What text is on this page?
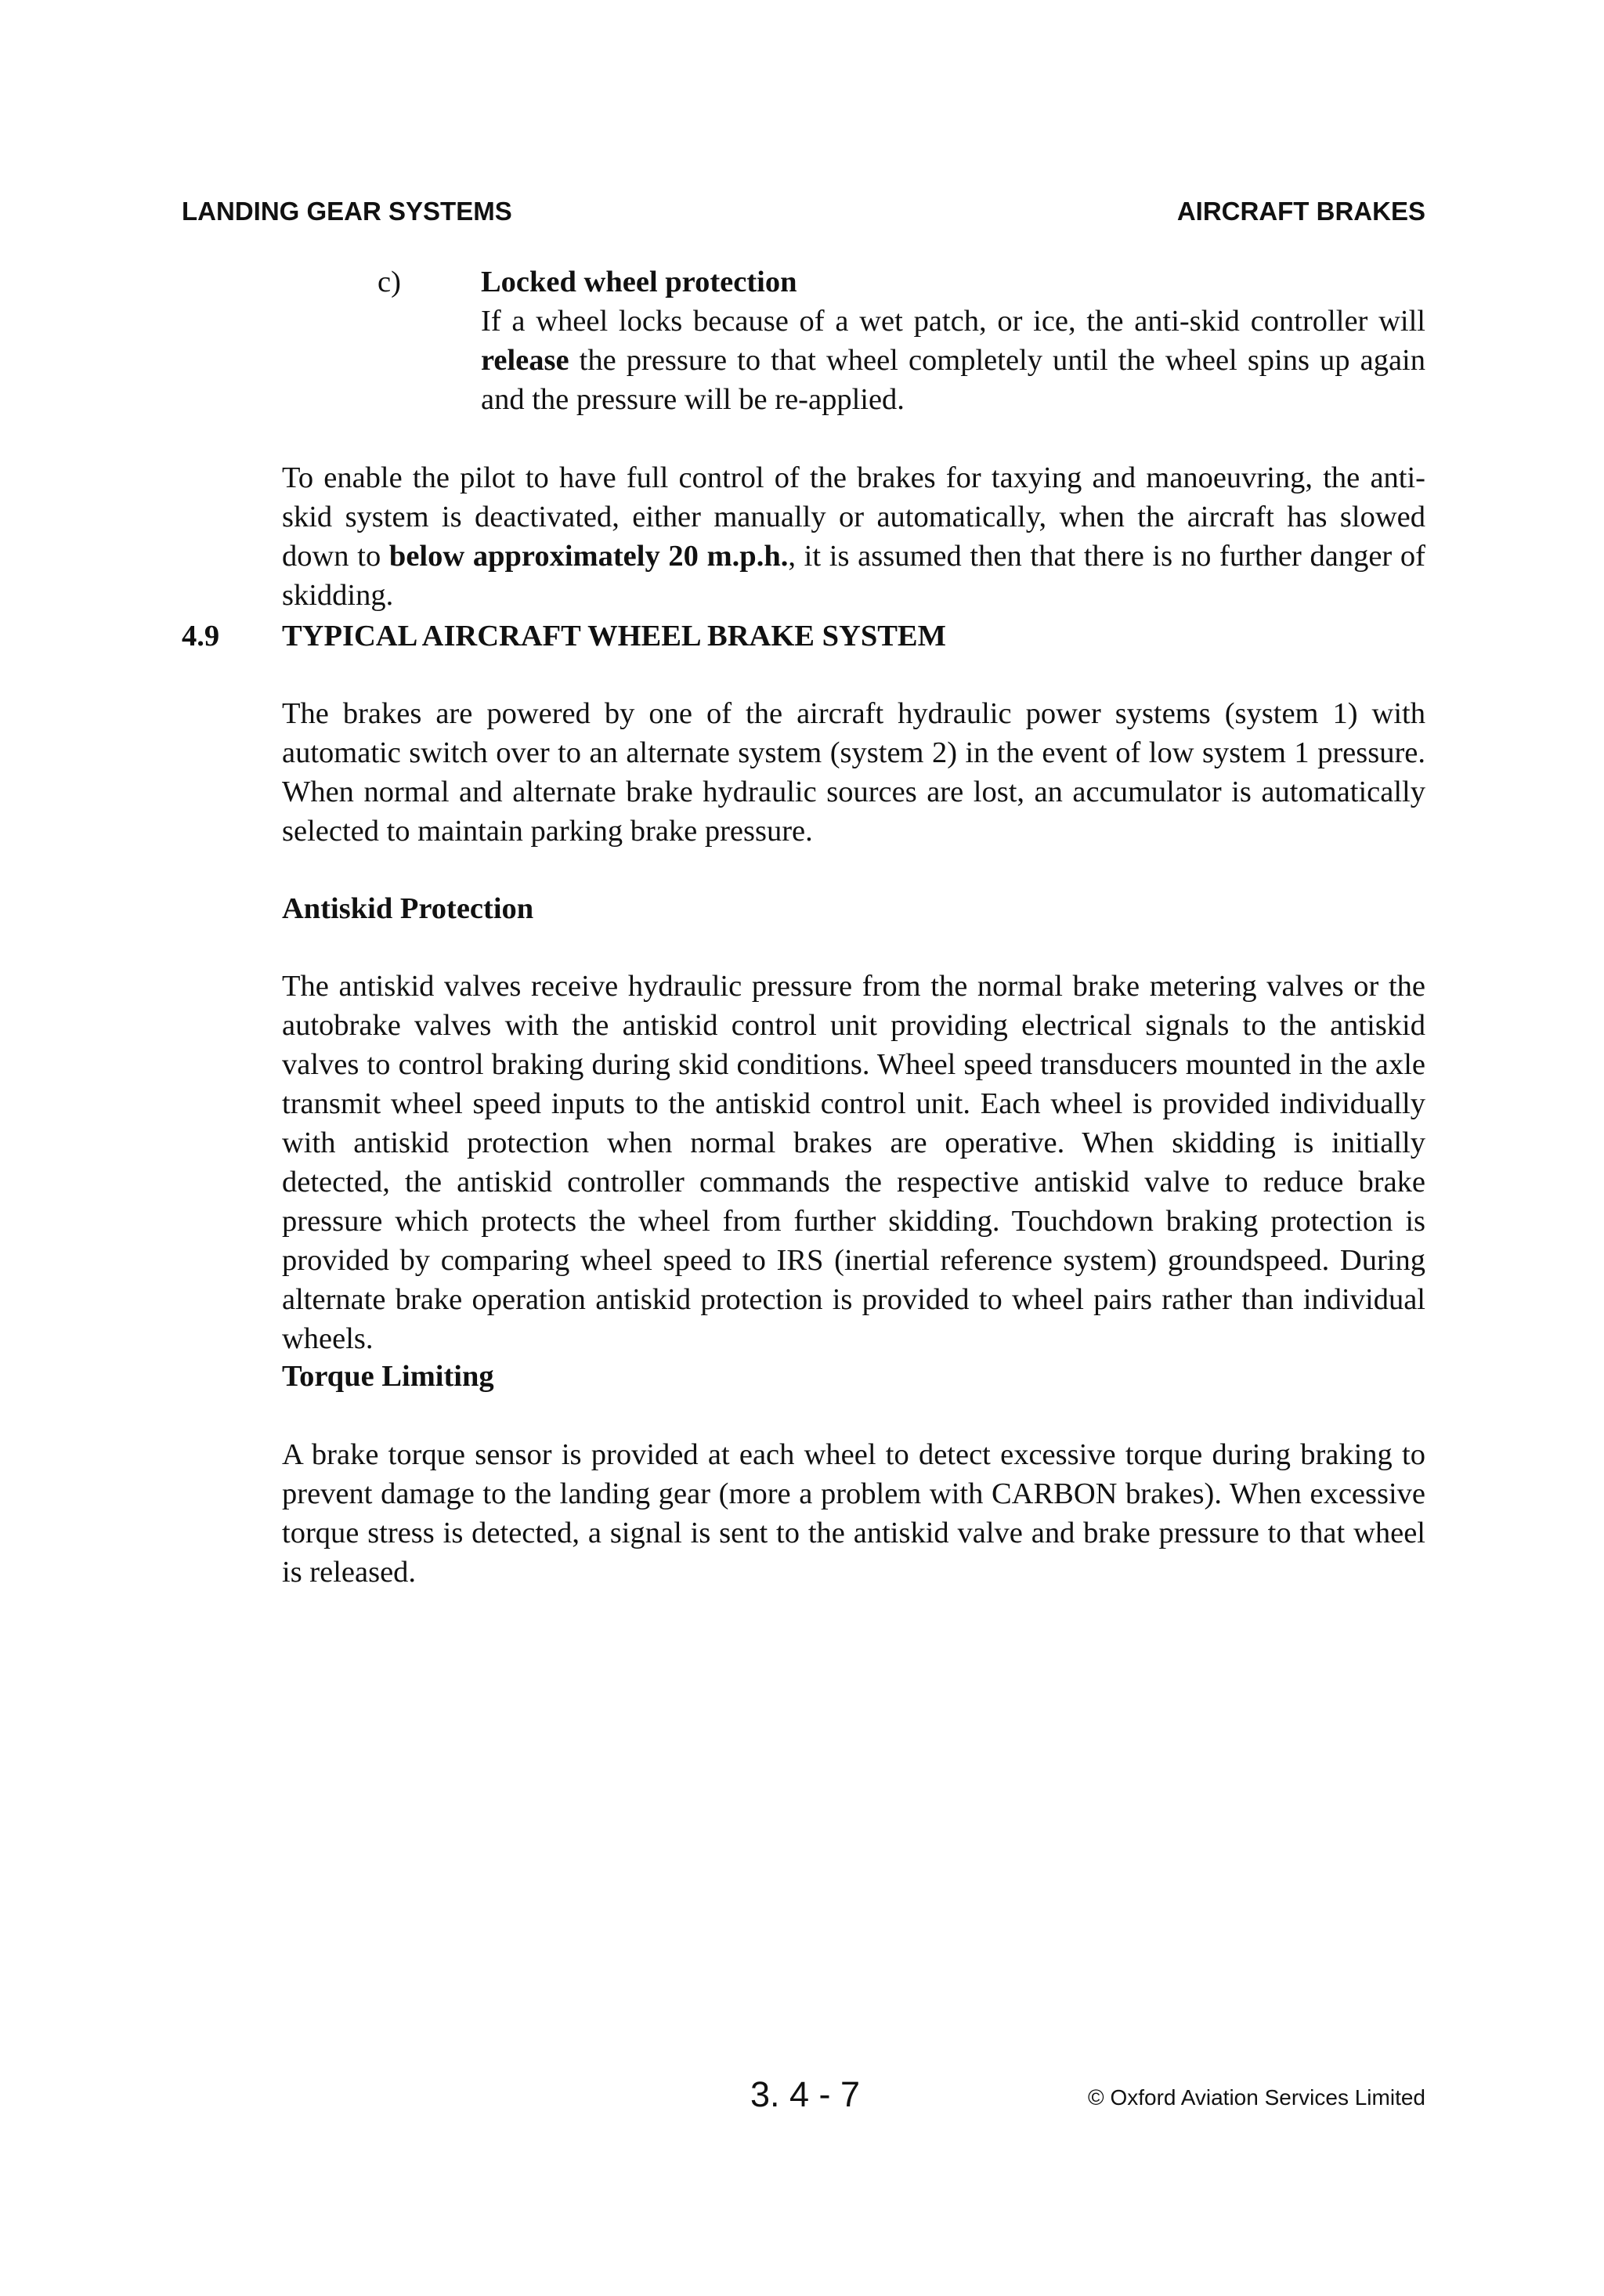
LANDING GEAR SYSTEMS	AIRCRAFT BRAKES
c)	Locked wheel protection

If a wheel locks because of a wet patch, or ice, the anti-skid controller will release the pressure to that wheel completely until the wheel spins up again and the pressure will be re-applied.

To enable the pilot to have full control of the brakes for taxying and manoeuvring, the anti-skid system is deactivated, either manually or automatically, when the aircraft has slowed down to below approximately 20 m.p.h., it is assumed then that there is no further danger of skidding.

4.9 TYPICAL AIRCRAFT WHEEL BRAKE SYSTEM

The brakes are powered by one of the aircraft hydraulic power systems (system 1) with automatic switch over to an alternate system (system 2) in the event of low system 1 pressure. When normal and alternate brake hydraulic sources are lost, an accumulator is automatically selected to maintain parking brake pressure.

Antiskid Protection

The antiskid valves receive hydraulic pressure from the normal brake metering valves or the autobrake valves with the antiskid control unit providing electrical signals to the antiskid valves to control braking during skid conditions. Wheel speed transducers mounted in the axle transmit wheel speed inputs to the antiskid control unit. Each wheel is provided individually with antiskid protection when normal brakes are operative. When skidding is initially detected, the antiskid controller commands the respective antiskid valve to reduce brake pressure which protects the wheel from further skidding. Touchdown braking protection is provided by comparing wheel speed to IRS (inertial reference system) groundspeed. During alternate brake operation antiskid protection is provided to wheel pairs rather than individual wheels.

Torque Limiting

A brake torque sensor is provided at each wheel to detect excessive torque during braking to prevent damage to the landing gear (more a problem with CARBON brakes). When excessive torque stress is detected, a signal is sent to the antiskid valve and brake pressure to that wheel is released.

3. 4 - 7	© Oxford Aviation Services Limited
